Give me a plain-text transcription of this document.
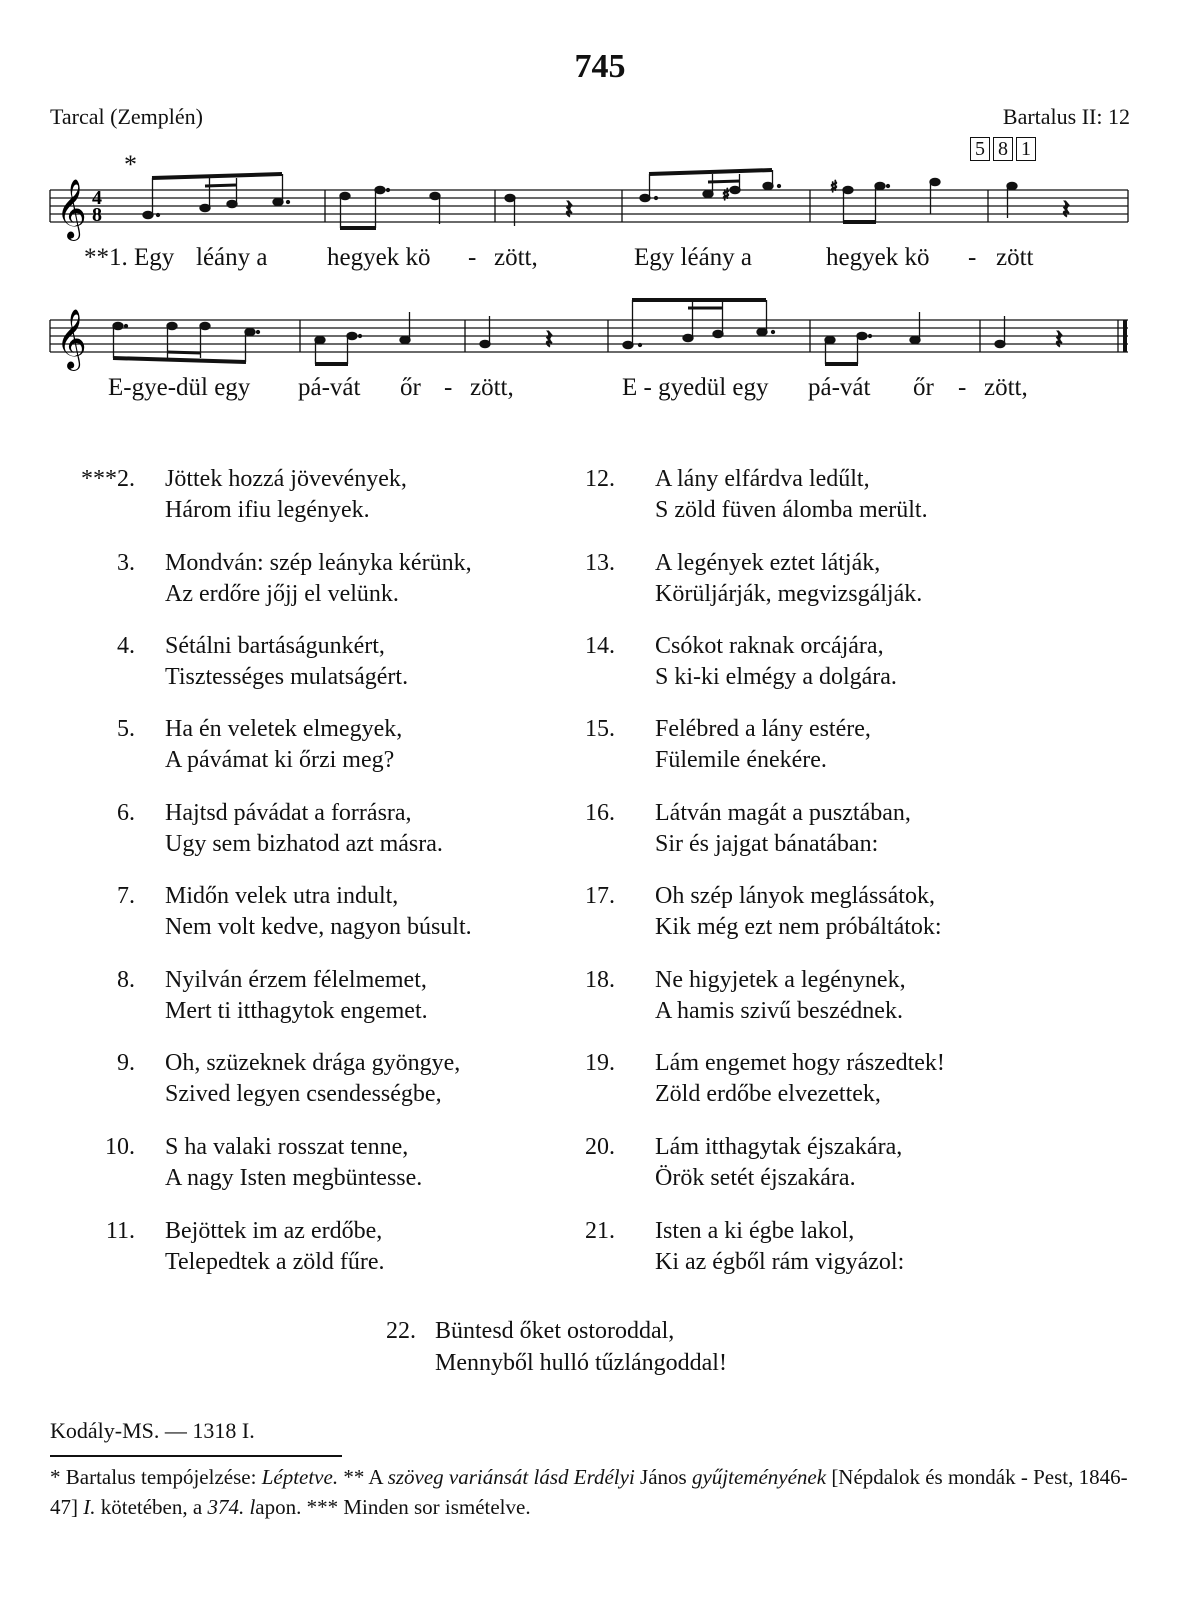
745
Tarcal (Zemplén)	Bartalus II: 12
5 8 1
*
𝄞 4
8	𝄽
♯	♯
𝄽
**1. Egy léány a hegyek kö - zött,	Egy léány a	hegyek kö - zött
𝄞	𝄽	𝄽
E-gye-dül egy pá-vát őr - zött,	E - gyedül egy pá-vát őr - zött,
***2. Jöttek hozzá jövevények,
Három ifiu legények.
3. Mondván: szép leányka kérünk,
Az erdőre jőjj el velünk.
4. Sétálni bartáságunkért,
Tisztességes mulatságért.
5. Ha én veletek elmegyek,
A pávámat ki őrzi meg?
6. Hajtsd pávádat a forrásra,
Ugy sem bizhatod azt másra.
7. Midőn velek utra indult,
Nem volt kedve, nagyon búsult.
8. Nyilván érzem félelmemet,
Mert ti itthagytok engemet.
9. Oh, szüzeknek drága gyöngye,
Szived legyen csendességbe,
10. S ha valaki rosszat tenne,
A nagy Isten megbüntesse.
11. Bejöttek im az erdőbe,
Telepedtek a zöld fűre.
12. A lány elfárdva ledűlt,
S zöld füven álomba merült.
13. A legények eztet látják,
Körüljárják, megvizsgálják.
14. Csókot raknak orcájára,
S ki-ki elmégy a dolgára.
15. Felébred a lány estére,
Fülemile énekére.
16. Látván magát a pusztában,
Sir és jajgat bánatában:
17. Oh szép lányok meglássátok,
Kik még ezt nem próbáltátok:
18. Ne higyjetek a legénynek,
A hamis szivű beszédnek.
19. Lám engemet hogy rászedtek!
Zöld erdőbe elvezettek,
20. Lám itthagytak éjszakára,
Örök setét éjszakára.
21. Isten a ki égbe lakol,
Ki az égből rám vigyázol:
22. Büntesd őket ostoroddal,
Mennyből hulló tűzlángoddal!
Kodály-MS. — 1318 I.
* Bartalus tempójelzése: Léptetve. ** A szöveg variánsát lásd Erdélyi János gyűjteményének [Népdalok és mondák - Pest, 1846-47] I. kötetében, a 374. lapon. *** Minden sor ismételve.
